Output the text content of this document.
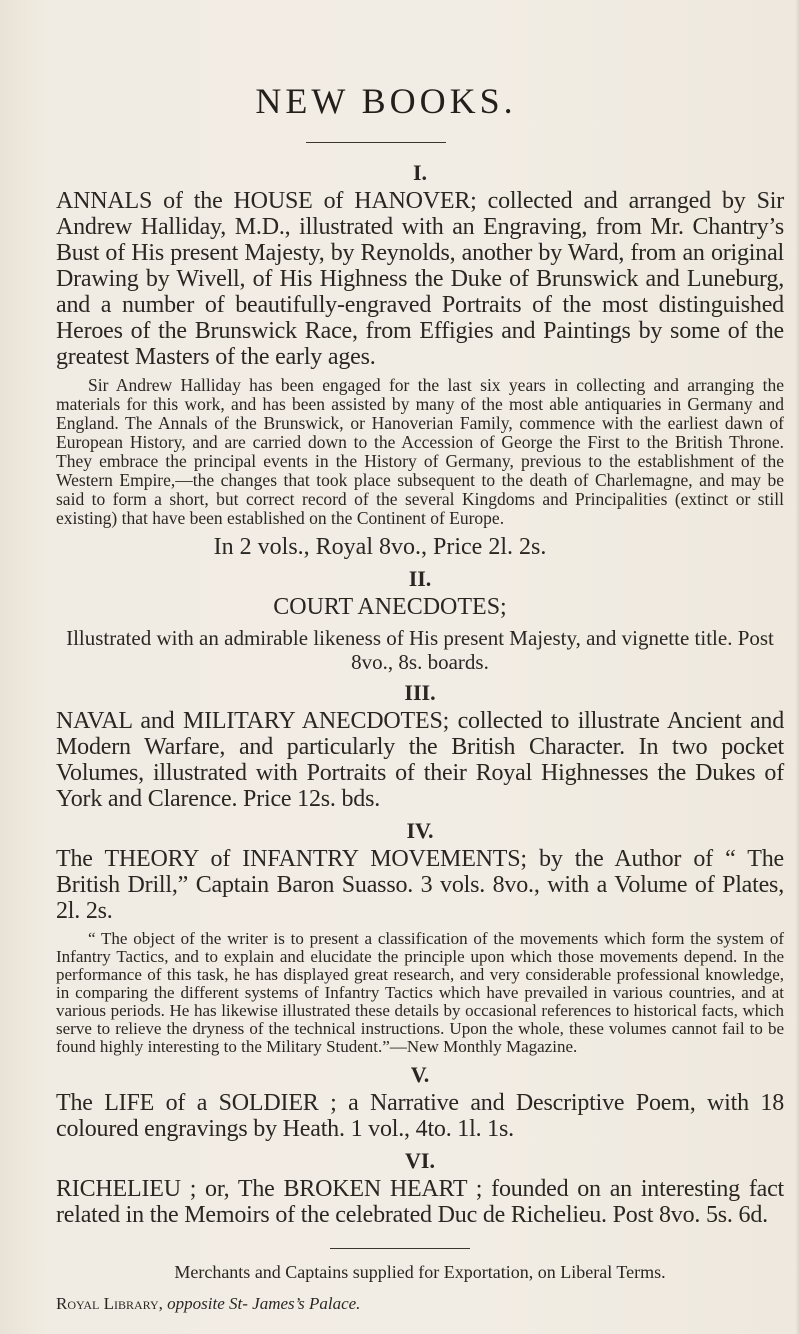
NEW BOOKS.
I.
ANNALS of the HOUSE of HANOVER; collected and arranged by Sir Andrew Halliday, M.D., illustrated with an Engraving, from Mr. Chantry’s Bust of His present Majesty, by Reynolds, another by Ward, from an original Drawing by Wivell, of His Highness the Duke of Brunswick and Luneburg, and a number of beautifully-engraved Portraits of the most distinguished Heroes of the Brunswick Race, from Effigies and Paintings by some of the greatest Masters of the early ages.
Sir Andrew Halliday has been engaged for the last six years in collecting and arranging the materials for this work, and has been assisted by many of the most able antiquaries in Germany and England. The Annals of the Brunswick, or Hanoverian Family, commence with the earliest dawn of European History, and are carried down to the Accession of George the First to the British Throne. They embrace the principal events in the History of Germany, previous to the establishment of the Western Empire,—the changes that took place subsequent to the death of Charlemagne, and may be said to form a short, but correct record of the several Kingdoms and Principalities (extinct or still existing) that have been established on the Continent of Europe.
In 2 vols., Royal 8vo., Price 2l. 2s.
II.
COURT ANECDOTES;
Illustrated with an admirable likeness of His present Majesty, and vignette title. Post 8vo., 8s. boards.
III.
NAVAL and MILITARY ANECDOTES; collected to illustrate Ancient and Modern Warfare, and particularly the British Character. In two pocket Volumes, illustrated with Portraits of their Royal Highnesses the Dukes of York and Clarence. Price 12s. bds.
IV.
The THEORY of INFANTRY MOVEMENTS; by the Author of “ The British Drill,” Captain Baron Suasso. 3 vols. 8vo., with a Volume of Plates, 2l. 2s.
“ The object of the writer is to present a classification of the movements which form the system of Infantry Tactics, and to explain and elucidate the principle upon which those movements depend. In the performance of this task, he has displayed great research, and very considerable professional knowledge, in comparing the different systems of Infantry Tactics which have prevailed in various countries, and at various periods. He has likewise illustrated these details by occasional references to historical facts, which serve to relieve the dryness of the technical instructions. Upon the whole, these volumes cannot fail to be found highly interesting to the Military Student.”—New Monthly Magazine.
V.
The LIFE of a SOLDIER ; a Narrative and Descriptive Poem, with 18 coloured engravings by Heath. 1 vol., 4to. 1l. 1s.
VI.
RICHELIEU ; or, The BROKEN HEART ; founded on an interesting fact related in the Memoirs of the celebrated Duc de Richelieu. Post 8vo. 5s. 6d.
Merchants and Captains supplied for Exportation, on Liberal Terms.
Royal Library, opposite St- James’s Palace.
